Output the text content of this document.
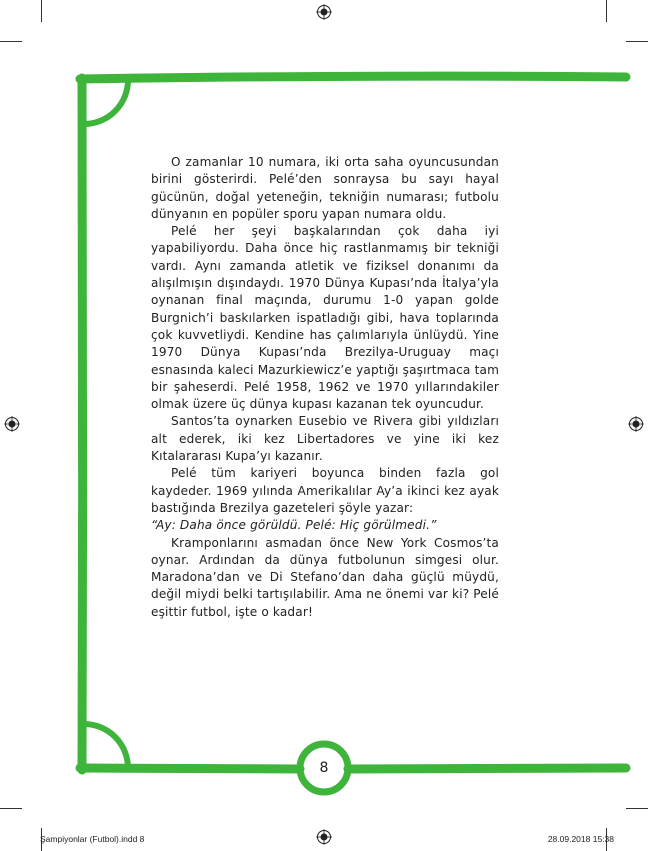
O zamanlar 10 numara, iki orta saha oyuncusundan birini gösterirdi. Pelé’den sonraysa bu sayı hayal gücünün, doğal yeteneğin, tekniğin numarası; futbolu dünyanın en popüler sporu yapan numara oldu.

Pelé her şeyi başkalarından çok daha iyi yapabiliyordu. Daha önce hiç rastlanmamış bir tekniği vardı. Aynı zamanda atletik ve fiziksel donanımı da alışılmışın dışındaydı. 1970 Dünya Kupası’nda İtalya’yla oynanan final maçında, durumu 1-0 yapan golde Burgnich’i baskılarken ispatladığı gibi, hava toplarında çok kuvvetliydi. Kendine has çalımlarıyla ünlüydü. Yine 1970 Dünya Kupası’nda Brezilya-Uruguay maçı esnasında kaleci Mazurkiewicz’e yaptığı şaşırtmaca tam bir şaheserdi. Pelé 1958, 1962 ve 1970 yıllarındakiler olmak üzere üç dünya kupası kazanan tek oyuncudur.

Santos’ta oynarken Eusebio ve Rivera gibi yıldızları alt ederek, iki kez Libertadores ve yine iki kez Kıtalararası Kupa’yı kazanır.

Pelé tüm kariyeri boyunca binden fazla gol kaydeder. 1969 yılında Amerikalılar Ay’a ikinci kez ayak bastığında Brezilya gazeteleri şöyle yazar:

“Ay: Daha önce görüldü. Pelé: Hiç görülmedi.”

Kramponlarını asmadan önce New York Cosmos’ta oynar. Ardından da dünya futbolunun simgesi olur. Maradona’dan ve Di Stefano’dan daha güçlü müydü, değil miydi belki tartışılabilir. Ama ne önemi var ki? Pelé eşittir futbol, işte o kadar!

8
Şampiyonlar (Futbol).indd 8	28.09.2018 15:38
